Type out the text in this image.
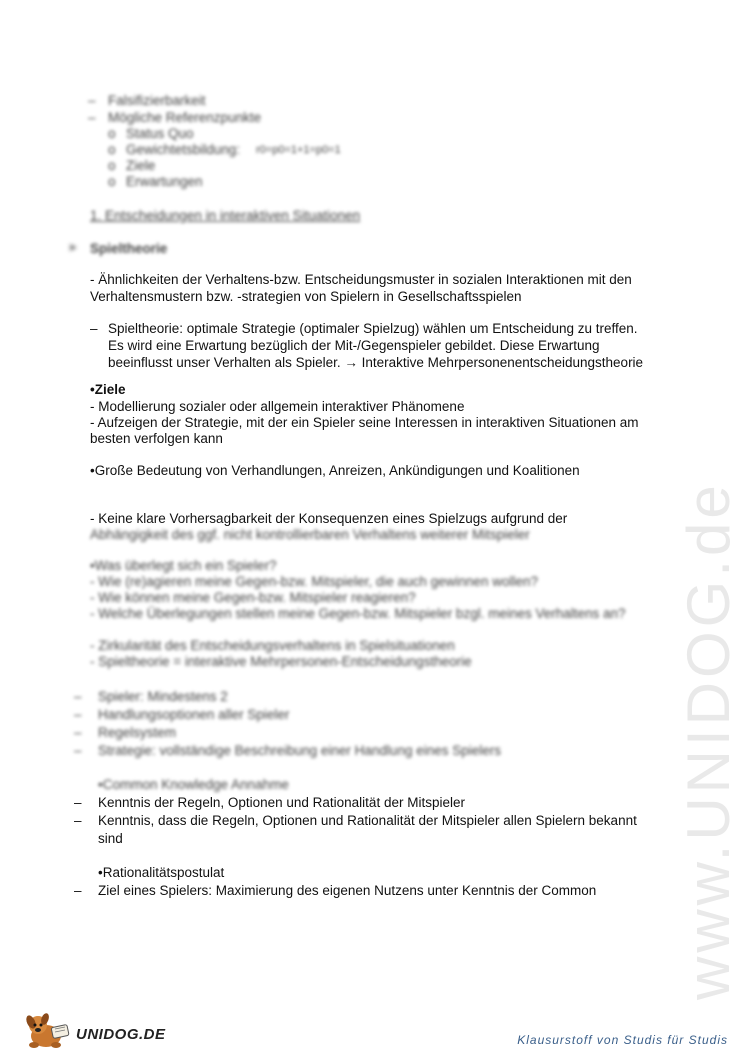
www.UNIDOG.de
– Falsifizierbarkeit
– Mögliche Referenzpunkte
o Status Quo
o Gewichtetsbildung: r0=p0=1+1=p0=1
o Ziele
o Erwartungen
1. Entscheidungen in interaktiven Situationen
➤ Spieltheorie
- Ähnlichkeiten der Verhaltens-bzw. Entscheidungsmuster in sozialen Interaktionen mit den
Verhaltensmustern bzw. -strategien von Spielern in Gesellschaftsspielen
– Spieltheorie: optimale Strategie (optimaler Spielzug) wählen um Entscheidung zu treffen.
Es wird eine Erwartung bezüglich der Mit-/Gegenspieler gebildet. Diese Erwartung
beeinflusst unser Verhalten als Spieler. → Interaktive Mehrpersonenentscheidungstheorie
•Ziele
- Modellierung sozialer oder allgemein interaktiver Phänomene
- Aufzeigen der Strategie, mit der ein Spieler seine Interessen in interaktiven Situationen am
besten verfolgen kann
•Große Bedeutung von Verhandlungen, Anreizen, Ankündigungen und Koalitionen
- Keine klare Vorhersagbarkeit der Konsequenzen eines Spielzugs aufgrund der
Abhängigkeit des ggf. nicht kontrollierbaren Verhaltens weiterer Mitspieler
•Was überlegt sich ein Spieler?
- Wie (re)agieren meine Gegen-bzw. Mitspieler, die auch gewinnen wollen?
- Wie können meine Gegen-bzw. Mitspieler reagieren?
- Welche Überlegungen stellen meine Gegen-bzw. Mitspieler bzgl. meines Verhaltens an?
- Zirkularität des Entscheidungsverhaltens in Spielsituationen
- Spieltheorie = interaktive Mehrpersonen-Entscheidungstheorie
– Spieler: Mindestens 2
– Handlungsoptionen aller Spieler
– Regelsystem
– Strategie: vollständige Beschreibung einer Handlung eines Spielers
•Common Knowledge Annahme
– Kenntnis der Regeln, Optionen und Rationalität der Mitspieler
– Kenntnis, dass die Regeln, Optionen und Rationalität der Mitspieler allen Spielern bekannt
sind
•Rationalitätspostulat
– Ziel eines Spielers: Maximierung des eigenen Nutzens unter Kenntnis der Common
UNIDOG.DE	Klausurstoff von Studis für Studis
